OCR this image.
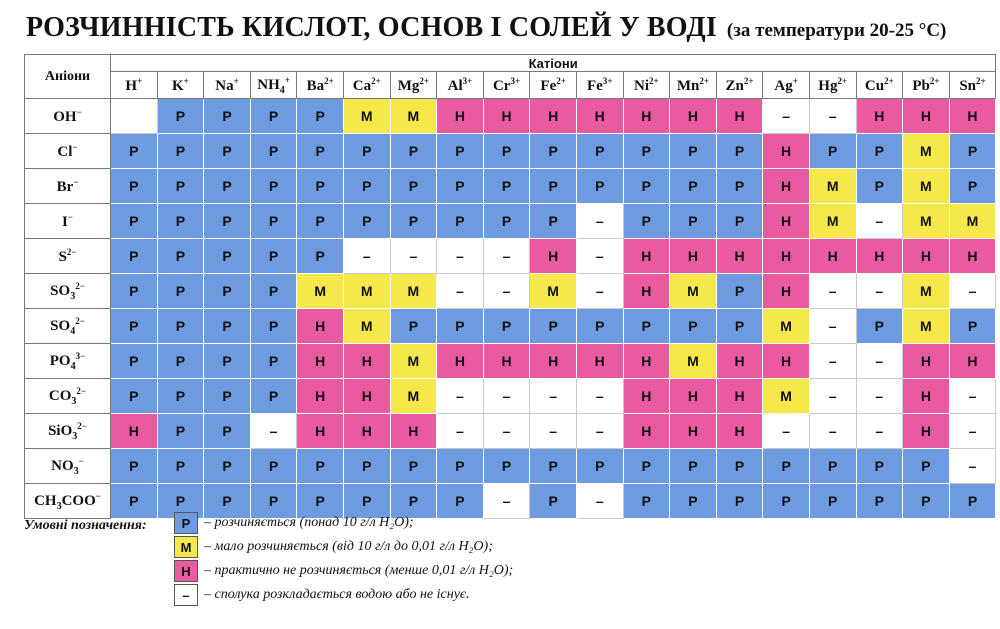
РОЗЧИННІСТЬ КИСЛОТ, ОСНОВ І СОЛЕЙ У ВОДІ (за температури 20-25 °С)
Аніони	Катіони																		
	H+	K+	Na+	$NH_4^+$	$Ba^{2+}$	$Ca^{2+}$	$Mg^{2+}$	$Al^{3+}$	$Cr^{3+}$	$Fe^{2+}$	$Fe^{3+}$	$Ni^{2+}$	$Mn^{2+}$	$Zn^{2+}$	Ag+	$Hg^{2+}$	$Cu^{2+}$	$Pb^{2+}$	$Sn^{2+}$
OH−		Р	Р	Р	Р	М	М	Н	Н	Н	Н	Н	Н	Н	–	–	Н	Н	Н
Cl−	Р	Р	Р	Р	Р	Р	Р	Р	Р	Р	Р	Р	Р	Р	Н	Р	Р	М	Р
Br−	Р	Р	Р	Р	Р	Р	Р	Р	Р	Р	Р	Р	Р	Р	Н	М	Р	М	Р
I−	Р	Р	Р	Р	Р	Р	Р	Р	Р	Р	–	Р	Р	Р	Н	М	–	М	М
$S^{2-}$	Р	Р	Р	Р	Р	–	–	–	–	Н	–	Н	Н	Н	Н	Н	Н	Н	Н
$SO_3^{2-}$	Р	Р	Р	Р	М	М	М	–	–	М	–	Н	М	Р	Н	–	–	М	–
$SO_4^{2-}$	Р	Р	Р	Р	Н	М	Р	Р	Р	Р	Р	Р	Р	Р	М	–	Р	М	Р
$PO_4^{3-}$	Р	Р	Р	Р	Н	Н	М	Н	Н	Н	Н	Н	М	Н	Н	–	–	Н	Н
$CO_3^{2-}$	Р	Р	Р	Р	Н	Н	М	–	–	–	–	Н	Н	Н	М	–	–	Н	–
SiO$_3^{2-}$	Н	Р	Р	–	Н	Н	Н	–	–	–	–	Н	Н	Н	–	–	–	Н	–
$NO_3^-$	Р	Р	Р	Р	Р	Р	Р	Р	Р	Р	Р	Р	Р	Р	Р	Р	Р	Р	–
$CH_3COO^-$	Р	Р	Р	Р	Р	Р	Р	Р	–	Р	–	Р	Р	Р	Р	Р	Р	Р	Р
Умовні позначення:	Р – розчиняється (понад 10 г/л H₂O);
М – мало розчиняється (від 10 г/л до 0,01 г/л H₂O);
Н – практично не розчиняється (менше 0,01 г/л H₂O);
–	– сполука розкладається водою або не існує.
